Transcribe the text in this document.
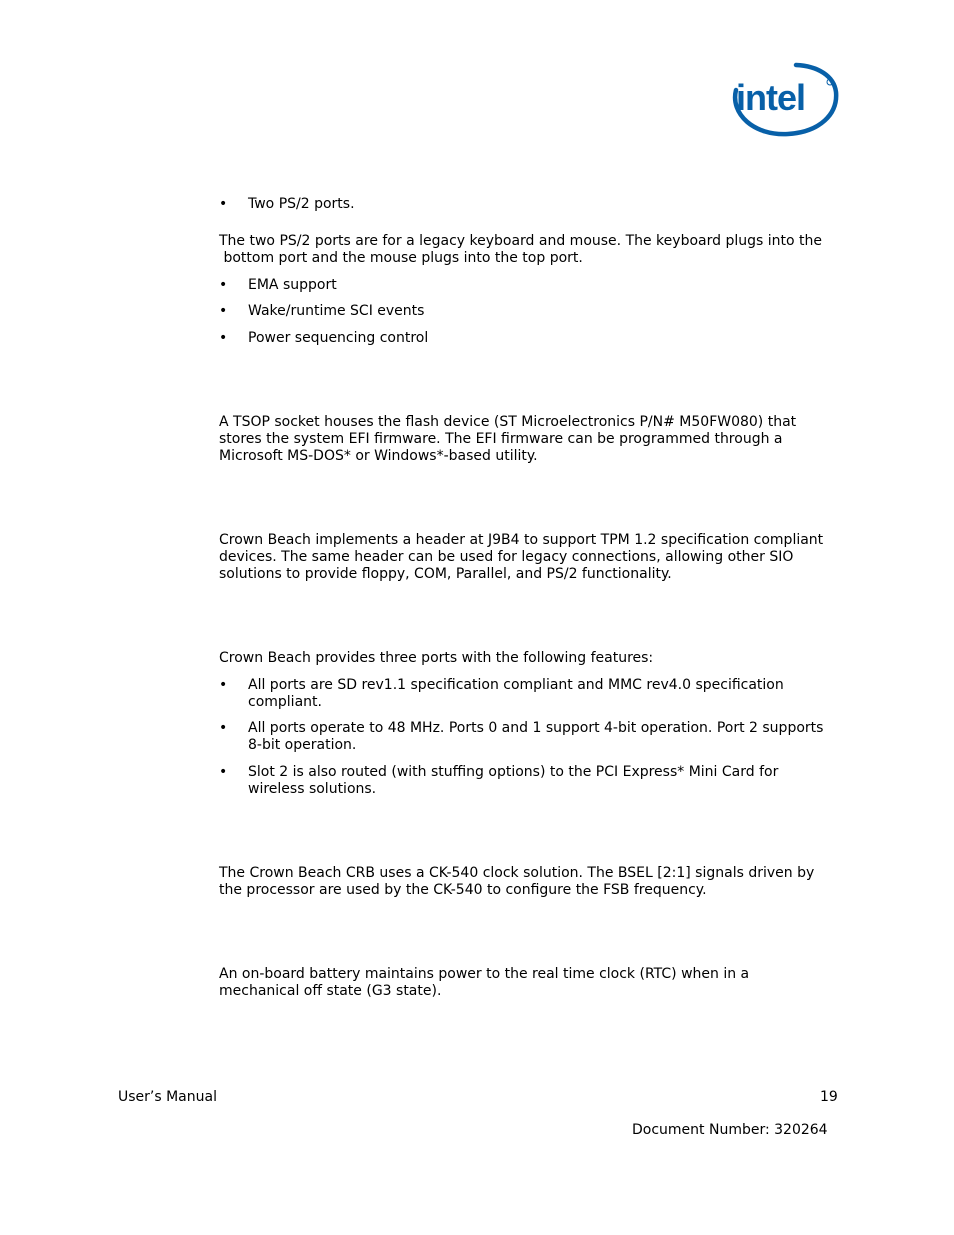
intel
• Two PS/2 ports.
The two PS/2 ports are for a legacy keyboard and mouse. The keyboard plugs into the
bottom port and the mouse plugs into the top port.
• EMA support
• Wake/runtime SCI events
• Power sequencing control
A TSOP socket houses the flash device (ST Microelectronics P/N# M50FW080) that
stores the system EFI firmware. The EFI firmware can be programmed through a
Microsoft MS-DOS* or Windows*-based utility.
Crown Beach implements a header at J9B4 to support TPM 1.2 specification compliant
devices. The same header can be used for legacy connections, allowing other SIO
solutions to provide floppy, COM, Parallel, and PS/2 functionality.
Crown Beach provides three ports with the following features:
• All ports are SD rev1.1 specification compliant and MMC rev4.0 specification
compliant.
• All ports operate to 48 MHz. Ports 0 and 1 support 4-bit operation. Port 2 supports
8-bit operation.
• Slot 2 is also routed (with stuffing options) to the PCI Express* Mini Card for
wireless solutions.
The Crown Beach CRB uses a CK-540 clock solution. The BSEL [2:1] signals driven by
the processor are used by the CK-540 to configure the FSB frequency.
An on-board battery maintains power to the real time clock (RTC) when in a
mechanical off state (G3 state).
User’s Manual	19
Document Number: 320264
